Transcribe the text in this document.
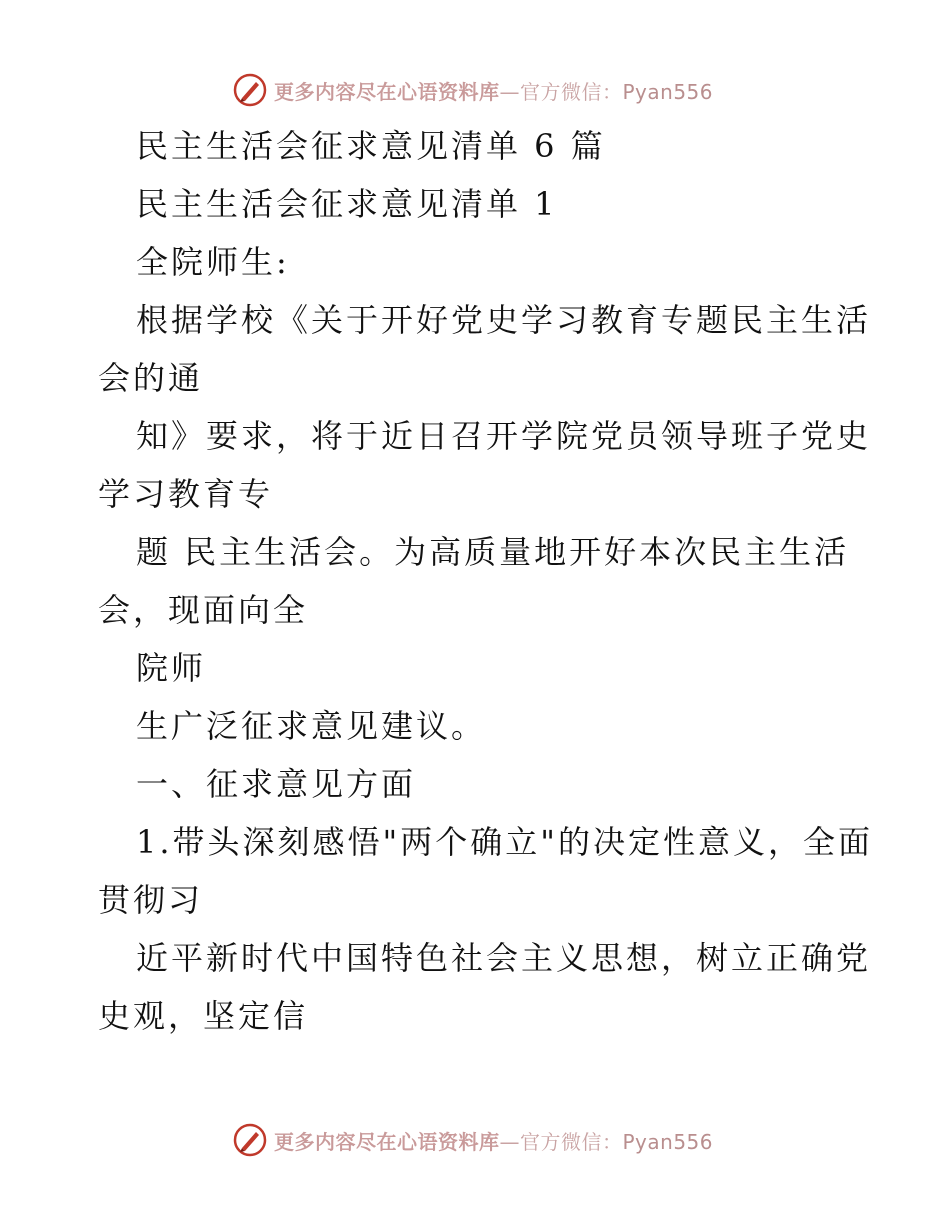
更多内容尽在心语资料库—官方微信：Pyan556
民主生活会征求意见清单 6 篇
民主生活会征求意见清单 1
全院师生:
根据学校《关于开好党史学习教育专题民主生活
会的通
知》要求，将于近日召开学院党员领导班子党史
学习教育专
题 民主生活会。为高质量地开好本次民主生活
会，现面向全
院师
生广泛征求意见建议。
一、征求意见方面
1.带头深刻感悟"两个确立"的决定性意义，全面
贯彻习
近平新时代中国特色社会主义思想，树立正确党
史观，坚定信
更多内容尽在心语资料库—官方微信：Pyan556
